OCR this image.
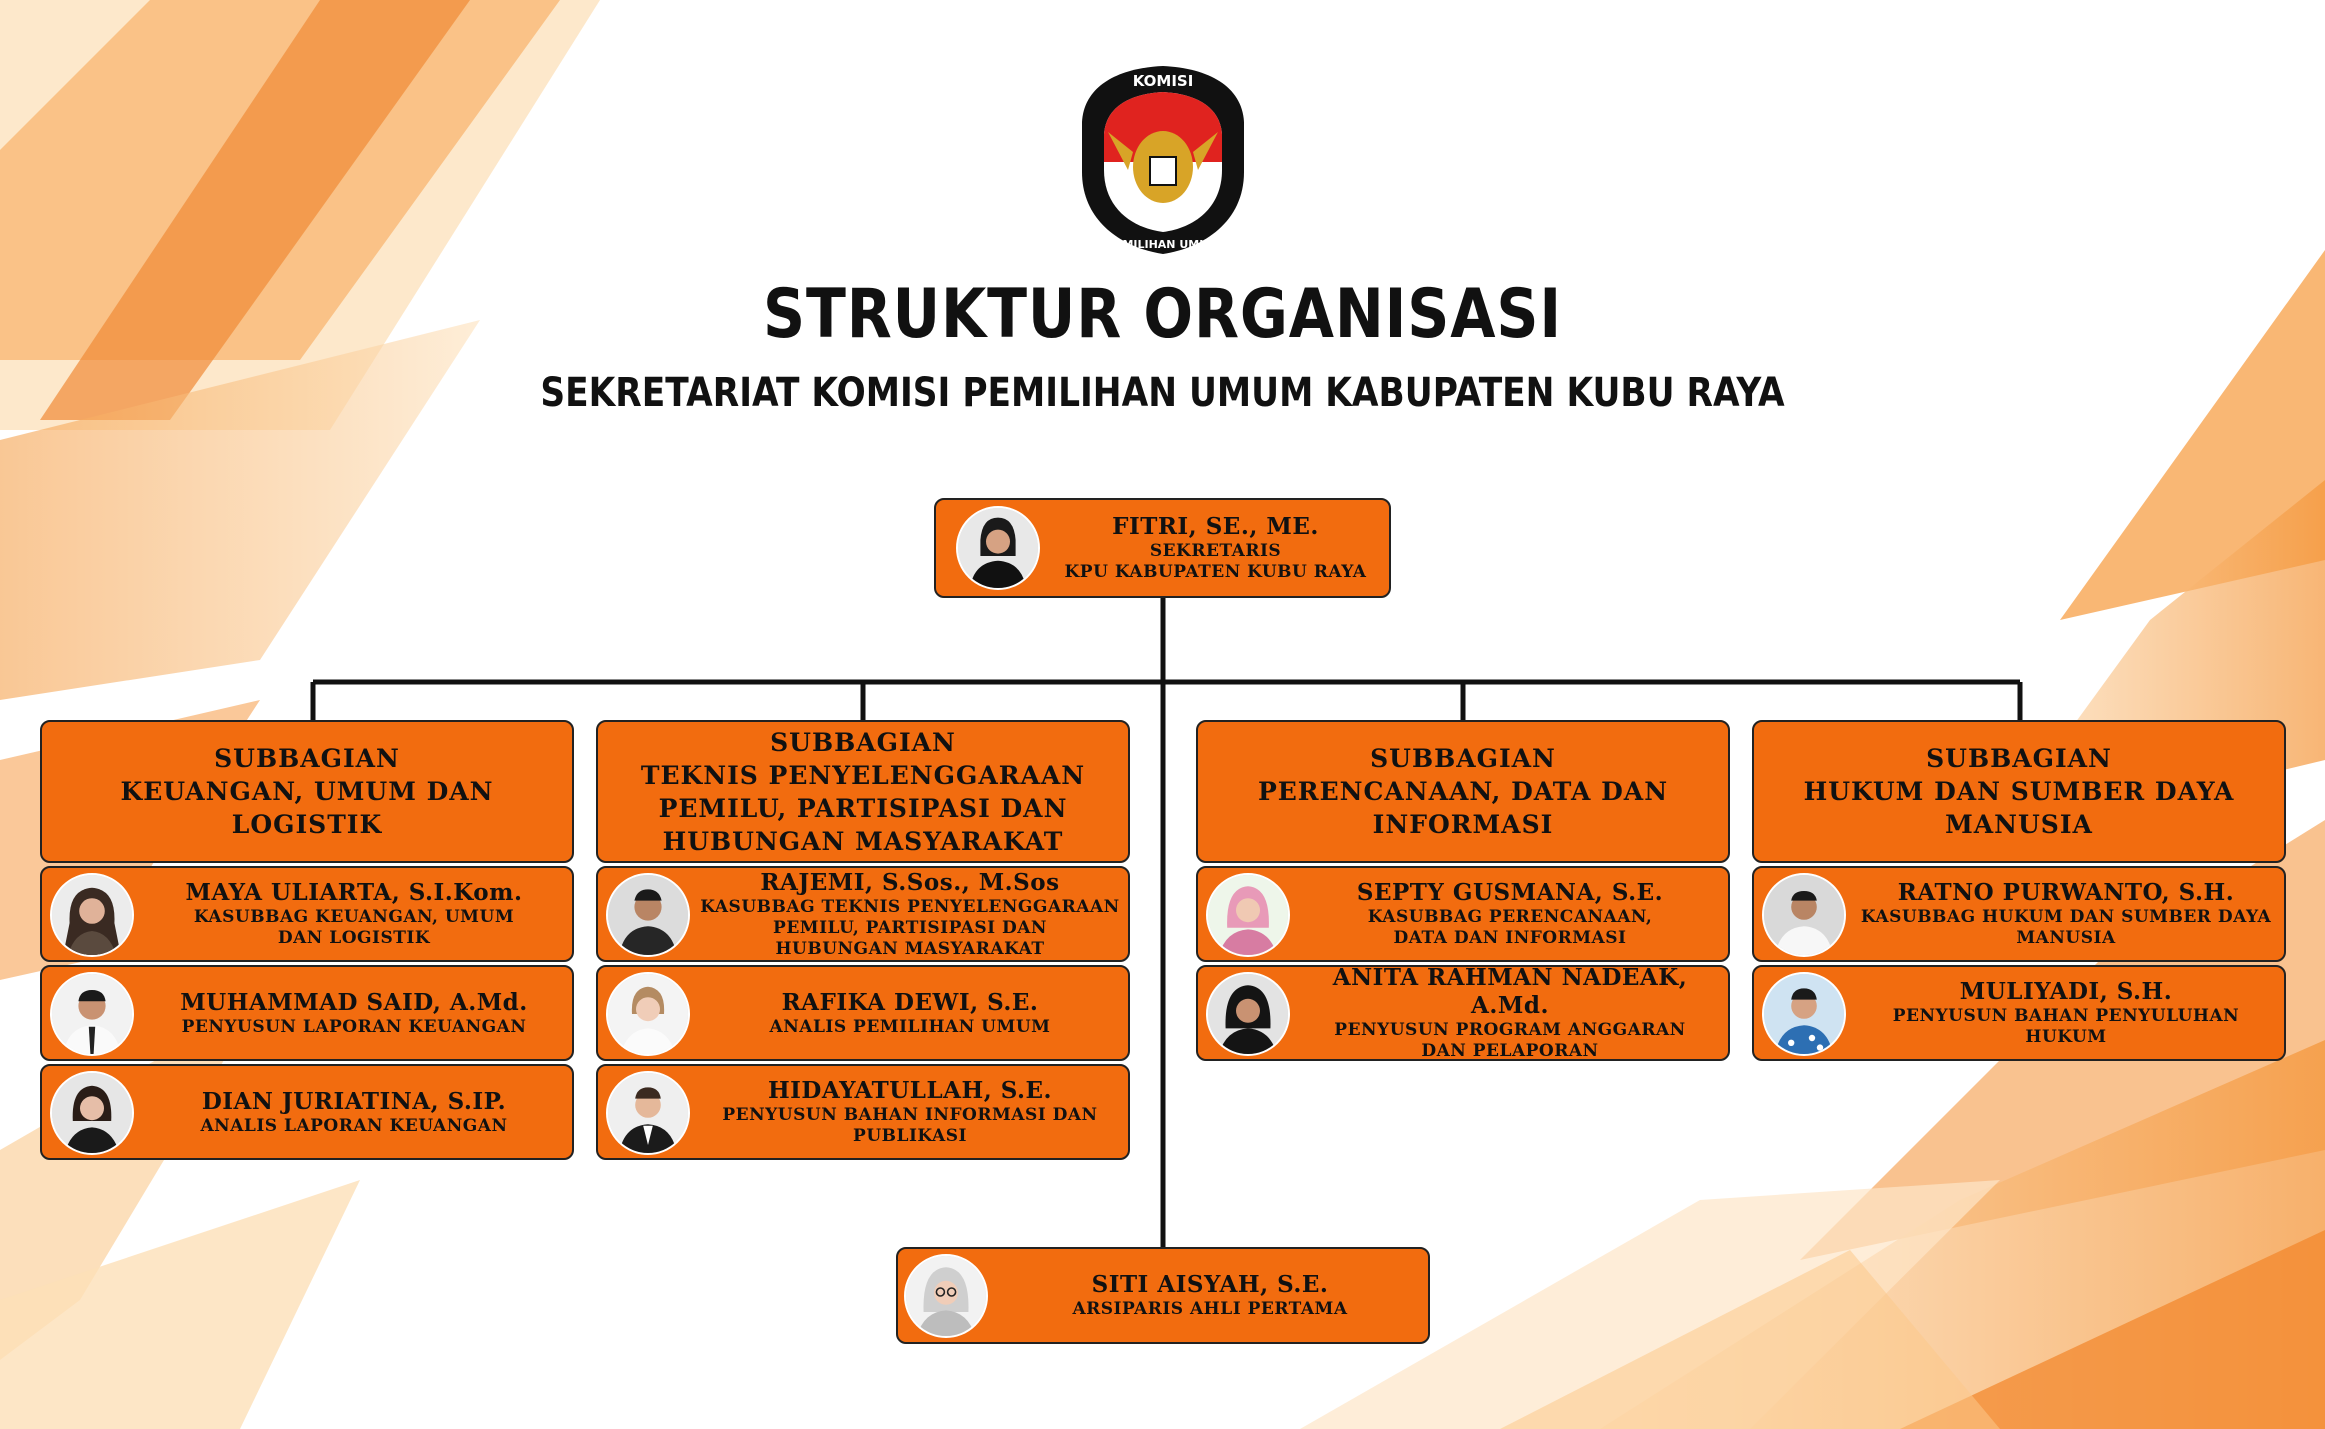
KOMISI
PEMILIHAN UMUM
STRUKTUR ORGANISASI
SEKRETARIAT KOMISI PEMILIHAN UMUM KABUPATEN KUBU RAYA
FITRI, SE., ME.
SEKRETARIS
KPU KABUPATEN KUBU RAYA
SUBBAGIAN
KEUANGAN, UMUM DAN LOGISTIK
MAYA ULIARTA, S.I.Kom.
KASUBBAG KEUANGAN, UMUM
DAN LOGISTIK
MUHAMMAD SAID, A.Md.
PENYUSUN LAPORAN KEUANGAN
DIAN JURIATINA, S.IP.
ANALIS LAPORAN KEUANGAN
SUBBAGIAN
TEKNIS PENYELENGGARAAN
PEMILU, PARTISIPASI DAN
HUBUNGAN MASYARAKAT
RAJEMI, S.Sos., M.Sos
KASUBBAG TEKNIS PENYELENGGARAAN
PEMILU, PARTISIPASI DAN
HUBUNGAN MASYARAKAT
RAFIKA DEWI, S.E.
ANALIS PEMILIHAN UMUM
HIDAYATULLAH, S.E.
PENYUSUN BAHAN INFORMASI DAN
PUBLIKASI
SUBBAGIAN
PERENCANAAN, DATA DAN
INFORMASI
SEPTY GUSMANA, S.E.
KASUBBAG PERENCANAAN,
DATA DAN INFORMASI
ANITA RAHMAN NADEAK, A.Md.
PENYUSUN PROGRAM ANGGARAN
DAN PELAPORAN
SUBBAGIAN
HUKUM DAN SUMBER DAYA
MANUSIA
RATNO PURWANTO, S.H.
KASUBBAG HUKUM DAN SUMBER DAYA
MANUSIA
MULIYADI, S.H.
PENYUSUN BAHAN PENYULUHAN
HUKUM
SITI AISYAH, S.E.
ARSIPARIS AHLI PERTAMA
